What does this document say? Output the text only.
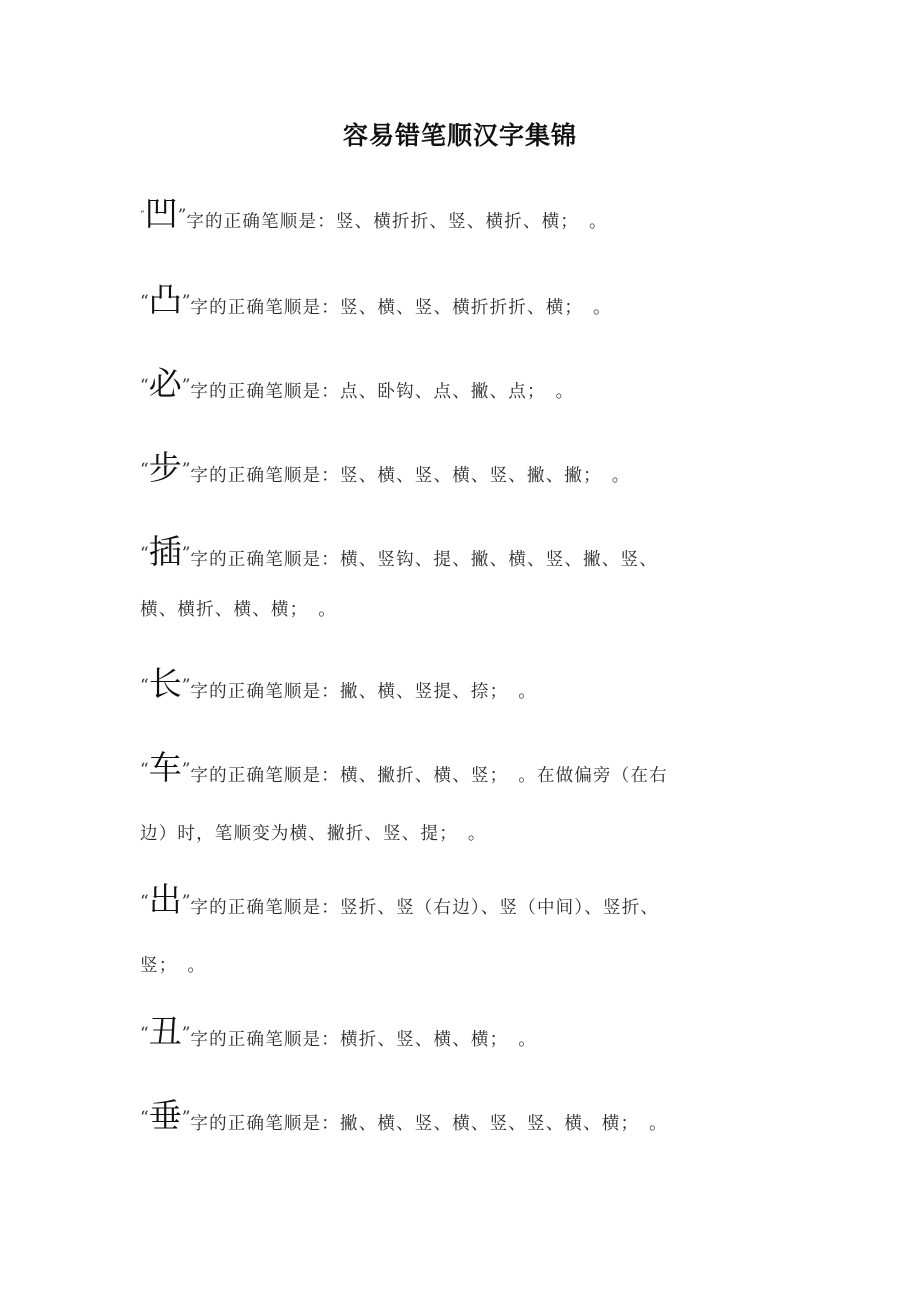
容易错笔顺汉字集锦
“凹”字的正确笔顺是：竖、横折折、竖、横折、横；　。
“凸”字的正确笔顺是：竖、横、竖、横折折折、横；　。
“必”字的正确笔顺是：点、卧钩、点、撇、点；　。
“步”字的正确笔顺是：竖、横、竖、横、竖、撇、撇；　。
“插”字的正确笔顺是：横、竖钩、提、撇、横、竖、撇、竖、
横、横折、横、横；　。
“长”字的正确笔顺是：撇、横、竖提、捺；　。
“车”字的正确笔顺是：横、撇折、横、竖；　。在做偏旁（在右
边）时，笔顺变为横、撇折、竖、提；　。
“出”字的正确笔顺是：竖折、竖（右边）、竖（中间）、竖折、
竖；　。
“丑”字的正确笔顺是：横折、竖、横、横；　。
“垂”字的正确笔顺是：撇、横、竖、横、竖、竖、横、横；　。
